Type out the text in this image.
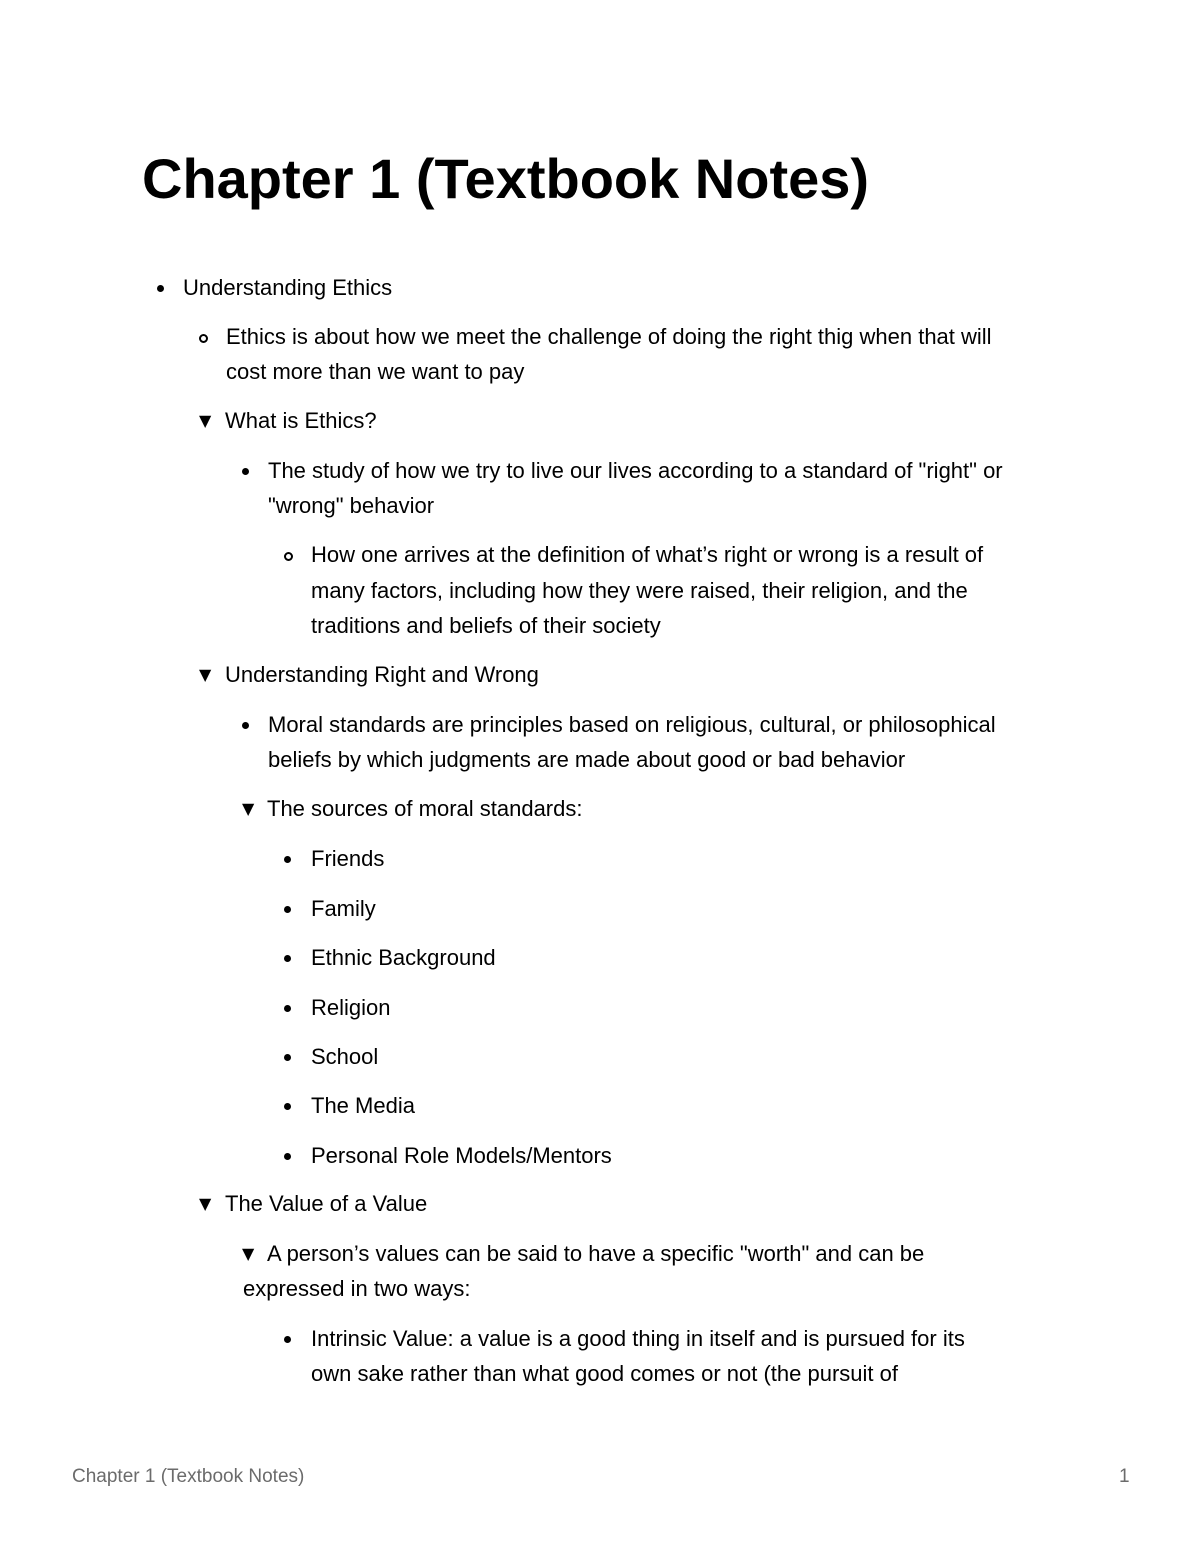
Chapter 1 (Textbook Notes)
Understanding Ethics
Ethics is about how we meet the challenge of doing the right thig when that will
cost more than we want to pay
▼ What is Ethics?
The study of how we try to live our lives according to a standard of "right" or
"wrong" behavior
How one arrives at the definition of what’s right or wrong is a result of
many factors, including how they were raised, their religion, and the
traditions and beliefs of their society
▼ Understanding Right and Wrong
Moral standards are principles based on religious, cultural, or philosophical
beliefs by which judgments are made about good or bad behavior
▼ The sources of moral standards:
Friends
Family
Ethnic Background
Religion
School
The Media
Personal Role Models/Mentors
▼ The Value of a Value
▼ A person’s values can be said to have a specific "worth" and can be
expressed in two ways:
Intrinsic Value: a value is a good thing in itself and is pursued for its
own sake rather than what good comes or not (the pursuit of
Chapter 1 (Textbook Notes)	1
